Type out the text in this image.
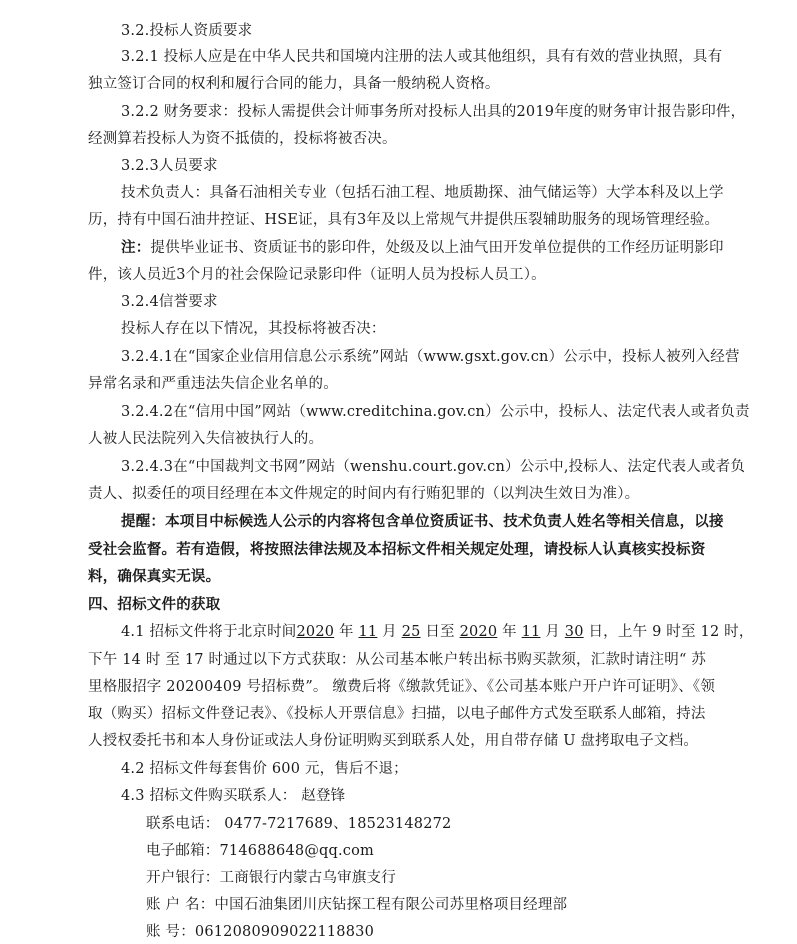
3.2.投标人资质要求
3.2.1 投标人应是在中华人民共和国境内注册的法人或其他组织，具有有效的营业执照，具有
独立签订合同的权利和履行合同的能力，具备一般纳税人资格。
3.2.2 财务要求：投标人需提供会计师事务所对投标人出具的2019年度的财务审计报告影印件，
经测算若投标人为资不抵债的，投标将被否决。
3.2.3人员要求
技术负责人：具备石油相关专业（包括石油工程、地质勘探、油气储运等）大学本科及以上学
历，持有中国石油井控证、HSE证，具有3年及以上常规气井提供压裂辅助服务的现场管理经验。
注：提供毕业证书、资质证书的影印件，处级及以上油气田开发单位提供的工作经历证明影印
件，该人员近3个月的社会保险记录影印件（证明人员为投标人员工）。
3.2.4信誉要求
投标人存在以下情况，其投标将被否决：
3.2.4.1在“国家企业信用信息公示系统”网站（www.gsxt.gov.cn）公示中，投标人被列入经营
异常名录和严重违法失信企业名单的。
3.2.4.2在“信用中国”网站（www.creditchina.gov.cn）公示中，投标人、法定代表人或者负责
人被人民法院列入失信被执行人的。
3.2.4.3在“中国裁判文书网”网站（wenshu.court.gov.cn）公示中,投标人、法定代表人或者负
责人、拟委任的项目经理在本文件规定的时间内有行贿犯罪的（以判决生效日为准）。
提醒：本项目中标候选人公示的内容将包含单位资质证书、技术负责人姓名等相关信息，以接
受社会监督。若有造假，将按照法律法规及本招标文件相关规定处理，请投标人认真核实投标资
料，确保真实无误。
四、招标文件的获取
4.1 招标文件将于北京时间2020 年 11 月 25 日至 2020 年 11 月 30 日，上午 9 时至 12 时，
下午 14 时 至 17 时通过以下方式获取：从公司基本帐户转出标书购买款须，汇款时请注明“ 苏
里格服招字 20200409 号招标费”。 缴费后将《缴款凭证》、《公司基本账户开户许可证明》、《领
取（购买）招标文件登记表》、《投标人开票信息》扫描，以电子邮件方式发至联系人邮箱，持法
人授权委托书和本人身份证或法人身份证明购买到联系人处，用自带存储 U 盘拷取电子文档。
4.2 招标文件每套售价 600 元，售后不退；
4.3 招标文件购买联系人： 赵登锋
联系电话： 0477-7217689、18523148272
电子邮箱：714688648@qq.com
开户银行：工商银行内蒙古乌审旗支行
账 户 名：中国石油集团川庆钻探工程有限公司苏里格项目经理部
账 号：0612080909022118830
